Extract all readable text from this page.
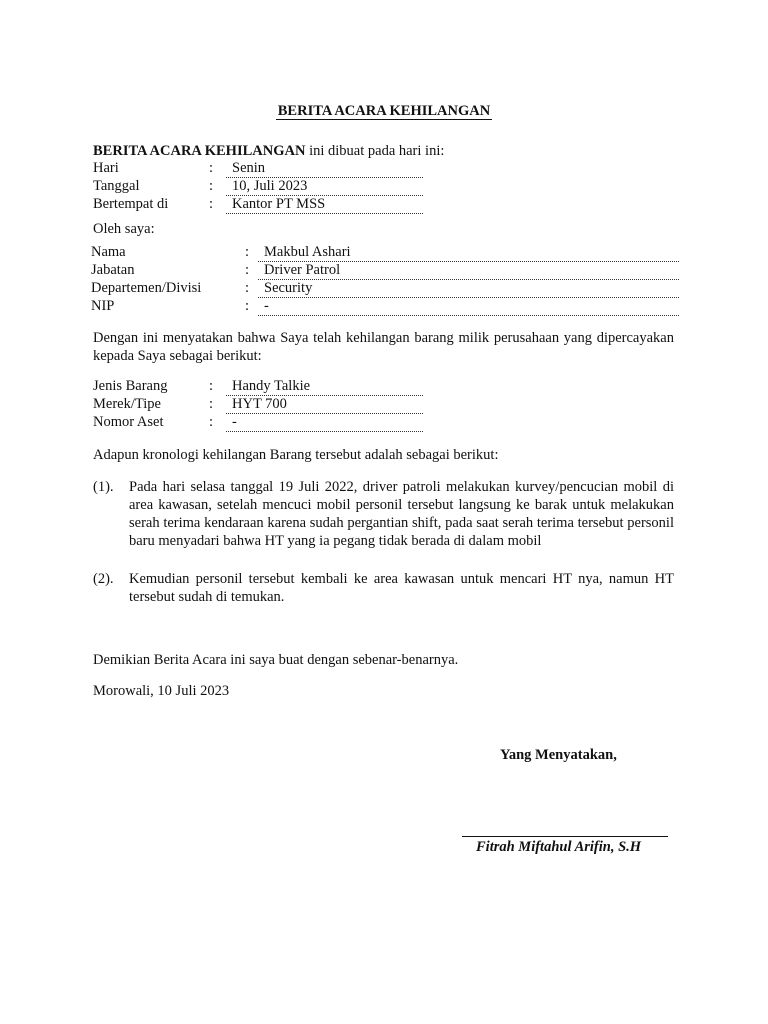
BERITA ACARA KEHILANGAN
BERITA ACARA KEHILANGAN ini dibuat pada hari ini:
Hari	:	Senin
Tanggal	:	10, Juli 2023
Bertempat di	:	Kantor PT MSS
Oleh saya:
Nama	:	Makbul Ashari
Jabatan	:	Driver Patrol
Departemen/Divisi	:	Security
NIP	:	-
Dengan ini menyatakan bahwa Saya telah kehilangan barang milik perusahaan yang dipercayakan kepada Saya sebagai berikut:
Jenis Barang	:	Handy Talkie
Merek/Tipe	:	HYT 700
Nomor Aset	:	-
Adapun kronologi kehilangan Barang tersebut adalah sebagai berikut:
(1). Pada hari selasa tanggal 19 Juli 2022, driver patroli melakukan kurvey/pencucian mobil di area kawasan, setelah mencuci mobil personil tersebut langsung ke barak untuk melakukan serah terima kendaraan karena sudah pergantian shift, pada saat serah terima tersebut personil baru menyadari bahwa HT yang ia pegang tidak berada di dalam mobil
(2). Kemudian personil tersebut kembali ke area kawasan untuk mencari HT nya, namun HT tersebut sudah di temukan.
Demikian Berita Acara ini saya buat dengan sebenar-benarnya.
Morowali, 10 Juli 2023
Yang Menyatakan,
Fitrah Miftahul Arifin, S.H
